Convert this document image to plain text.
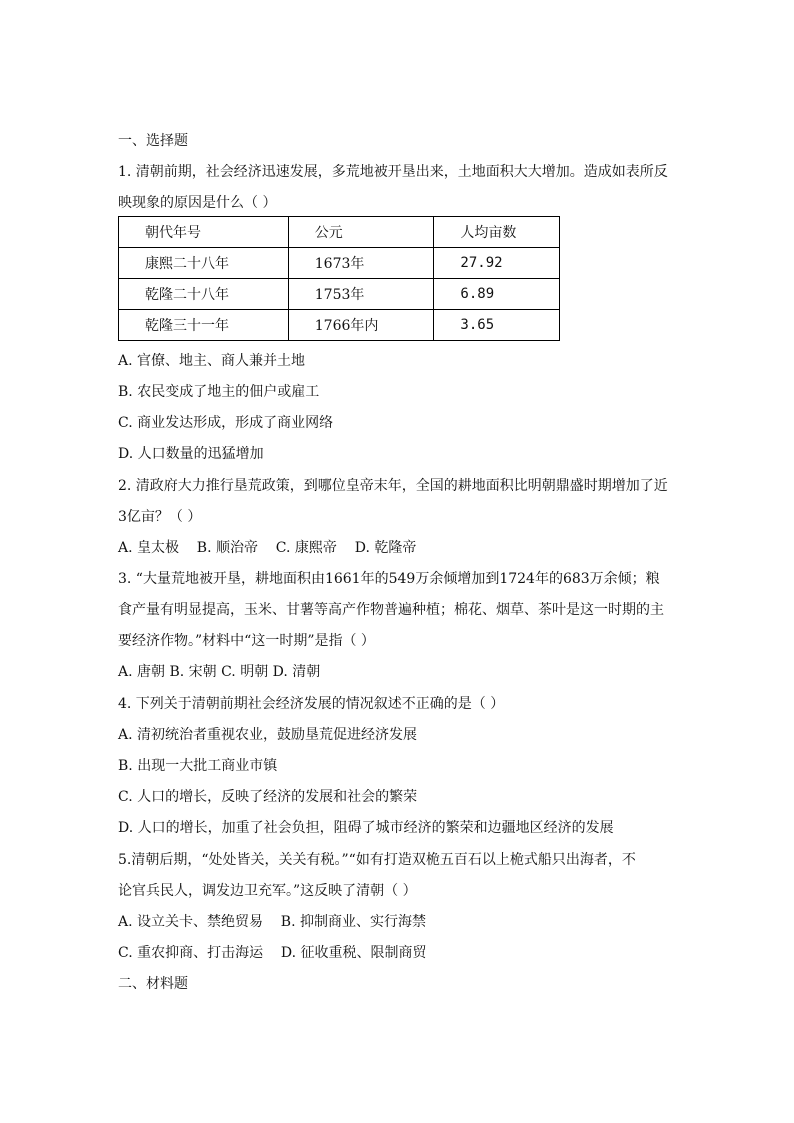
一、选择题
1. 清朝前期，社会经济迅速发展，多荒地被开垦出来，土地面积大大增加。造成如表所反
映现象的原因是什么（ ）
朝代年号	公元	人均亩数
康熙二十八年	1673年	27.92
乾隆二十八年	1753年	6.89
乾隆三十一年	1766年内	3.65
A. 官僚、地主、商人兼并土地
B. 农民变成了地主的佃户或雇工
C. 商业发达形成，形成了商业网络
D. 人口数量的迅猛增加
2. 清政府大力推行垦荒政策，到哪位皇帝末年，全国的耕地面积比明朝鼎盛时期增加了近
3亿亩？（ ）
A. 皇太极    B. 顺治帝    C. 康熙帝    D. 乾隆帝
3. “大量荒地被开垦，耕地面积由1661年的549万余倾增加到1724年的683万余倾；粮
食产量有明显提高，玉米、甘薯等高产作物普遍种植；棉花、烟草、茶叶是这一时期的主
要经济作物。”材料中“这一时期”是指（ ）
A. 唐朝 B. 宋朝 C. 明朝 D. 清朝
4. 下列关于清朝前期社会经济发展的情况叙述不正确的是（ ）
A. 清初统治者重视农业，鼓励垦荒促进经济发展
B. 出现一大批工商业市镇
C. 人口的增长，反映了经济的发展和社会的繁荣
D. 人口的增长，加重了社会负担，阻碍了城市经济的繁荣和边疆地区经济的发展
5.清朝后期，“处处皆关，关关有税。”“如有打造双桅五百石以上桅式船只出海者，不
论官兵民人，调发边卫充军。”这反映了清朝（ ）
A. 设立关卡、禁绝贸易    B. 抑制商业、实行海禁
C. 重农抑商、打击海运    D. 征收重税、限制商贸
二、材料题
